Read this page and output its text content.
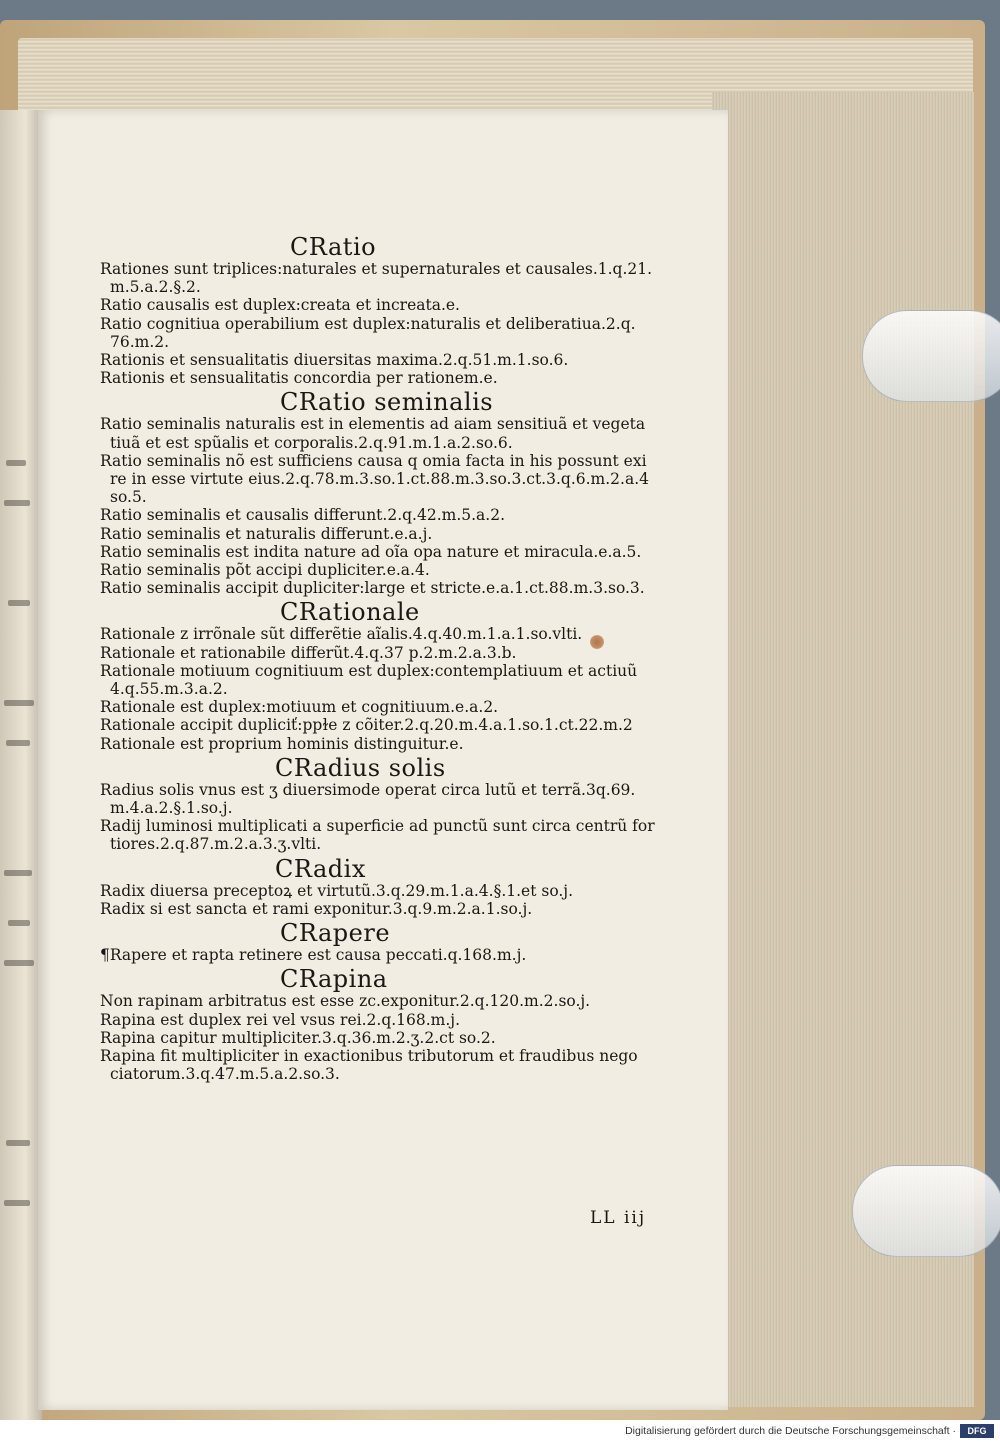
CRatio
Rationes sunt triplices:naturales et supernaturales et causales.1.q.21.
m.5.a.2.§.2.
Ratio causalis est duplex:creata et increata.e.
Ratio cognitiua operabilium est duplex:naturalis et deliberatiua.2.q.
76.m.2.
Rationis et sensualitatis diuersitas maxima.2.q.51.m.1.so.6.
Rationis et sensualitatis concordia per rationem.e.
CRatio seminalis
Ratio seminalis naturalis est in elementis ad aiam sensitiuã et vegeta
tiuã et est spũalis et corporalis.2.q.91.m.1.a.2.so.6.
Ratio seminalis nõ est sufficiens causa q omia facta in his possunt exi
re in esse virtute eius.2.q.78.m.3.so.1.ct.88.m.3.so.3.ct.3.q.6.m.2.a.4
so.5.
Ratio seminalis et causalis differunt.2.q.42.m.5.a.2.
Ratio seminalis et naturalis differunt.e.a.j.
Ratio seminalis est indita nature ad oĩa opa nature et miracula.e.a.5.
Ratio seminalis põt accipi dupliciter.e.a.4.
Ratio seminalis accipit dupliciter:large et stricte.e.a.1.ct.88.m.3.so.3.
CRationale
Rationale z irrõnale sũt differẽtie aĩalis.4.q.40.m.1.a.1.so.vlti.
Rationale et rationabile differũt.4.q.37 p.2.m.2.a.3.b.
Rationale motiuum cognitiuum est duplex:contemplatiuum et actiuũ
4.q.55.m.3.a.2.
Rationale est duplex:motiuum et cognitiuum.e.a.2.
Rationale accipit dupliciť:ppɫe z cõiter.2.q.20.m.4.a.1.so.1.ct.22.m.2
Rationale est proprium hominis distinguitur.e.
CRadius solis
Radius solis vnus est ʒ diuersimode operat circa lutũ et terrã.3q.69.
m.4.a.2.§.1.so.j.
Radij luminosi multiplicati a superficie ad punctũ sunt circa centrũ for
tiores.2.q.87.m.2.a.3.ʒ.vlti.
CRadix
Radix diuersa preceptoꝝ et virtutũ.3.q.29.m.1.a.4.§.1.et so.j.
Radix si est sancta et rami exponitur.3.q.9.m.2.a.1.so.j.
CRapere
¶Rapere et rapta retinere est causa peccati.q.168.m.j.
CRapina
Non rapinam arbitratus est esse zc.exponitur.2.q.120.m.2.so.j.
Rapina est duplex rei vel vsus rei.2.q.168.m.j.
Rapina capitur multipliciter.3.q.36.m.2.ʒ.2.ct so.2.
Rapina fit multipliciter in exactionibus tributorum et fraudibus nego
ciatorum.3.q.47.m.5.a.2.so.3.
LL iij
Digitalisierung gefördert durch die Deutsche Forschungsgemeinschaft ·	DFG
